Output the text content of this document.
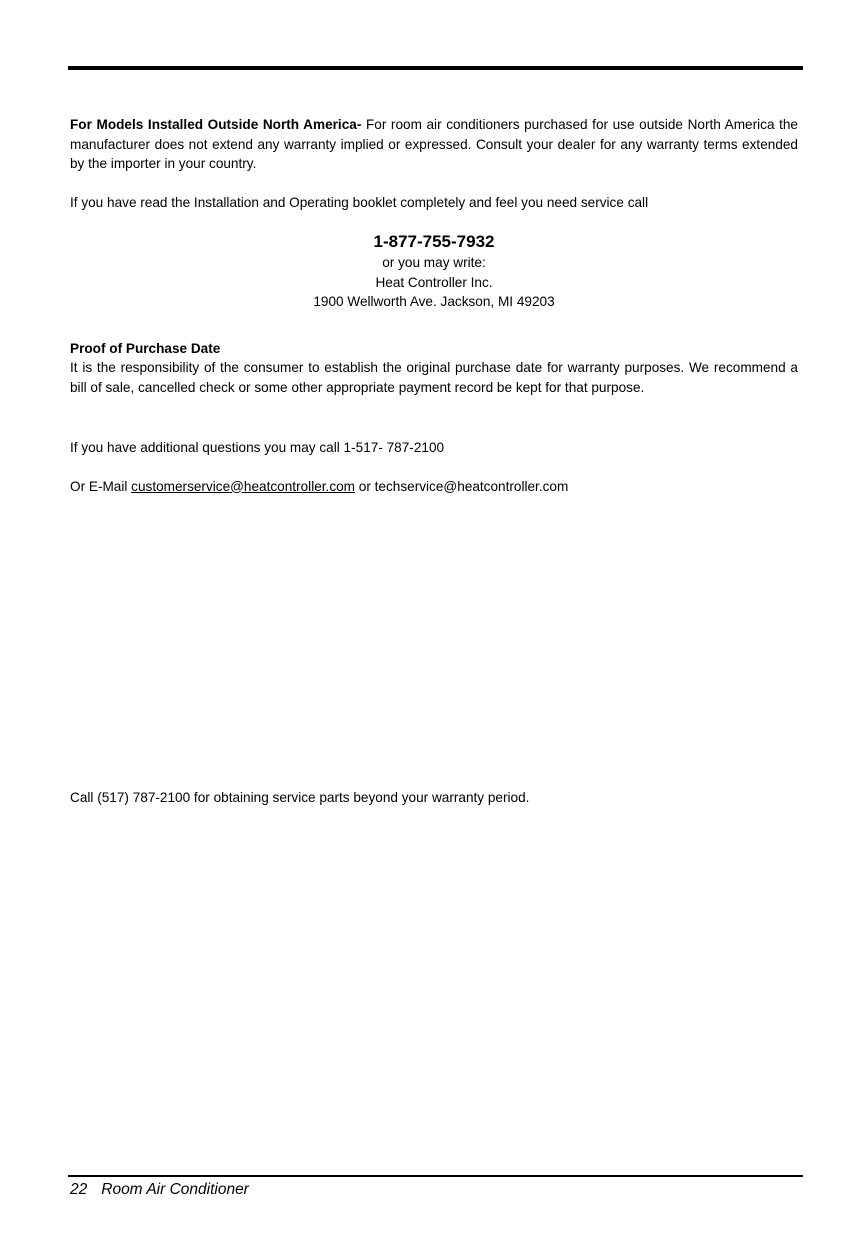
For Models Installed Outside North America- For room air conditioners purchased for use outside North America the manufacturer does not extend any warranty implied or expressed. Consult your dealer for any warranty terms extended by the importer in your country.

If you have read the Installation and Operating booklet completely and feel you need service call

1-877-755-7932

or you may write:

Heat Controller Inc.

1900 Wellworth Ave. Jackson, MI 49203

Proof of Purchase Date

It is the responsibility of the consumer to establish the original purchase date for warranty purposes. We recommend a bill of sale, cancelled check or some other appropriate payment record be kept for that purpose.

If you have additional questions you may call 1-517- 787-2100

Or E-Mail customerservice@heatcontroller.com or techservice@heatcontroller.com

Call (517) 787-2100 for obtaining service parts beyond your warranty period.

22 Room Air Conditioner
